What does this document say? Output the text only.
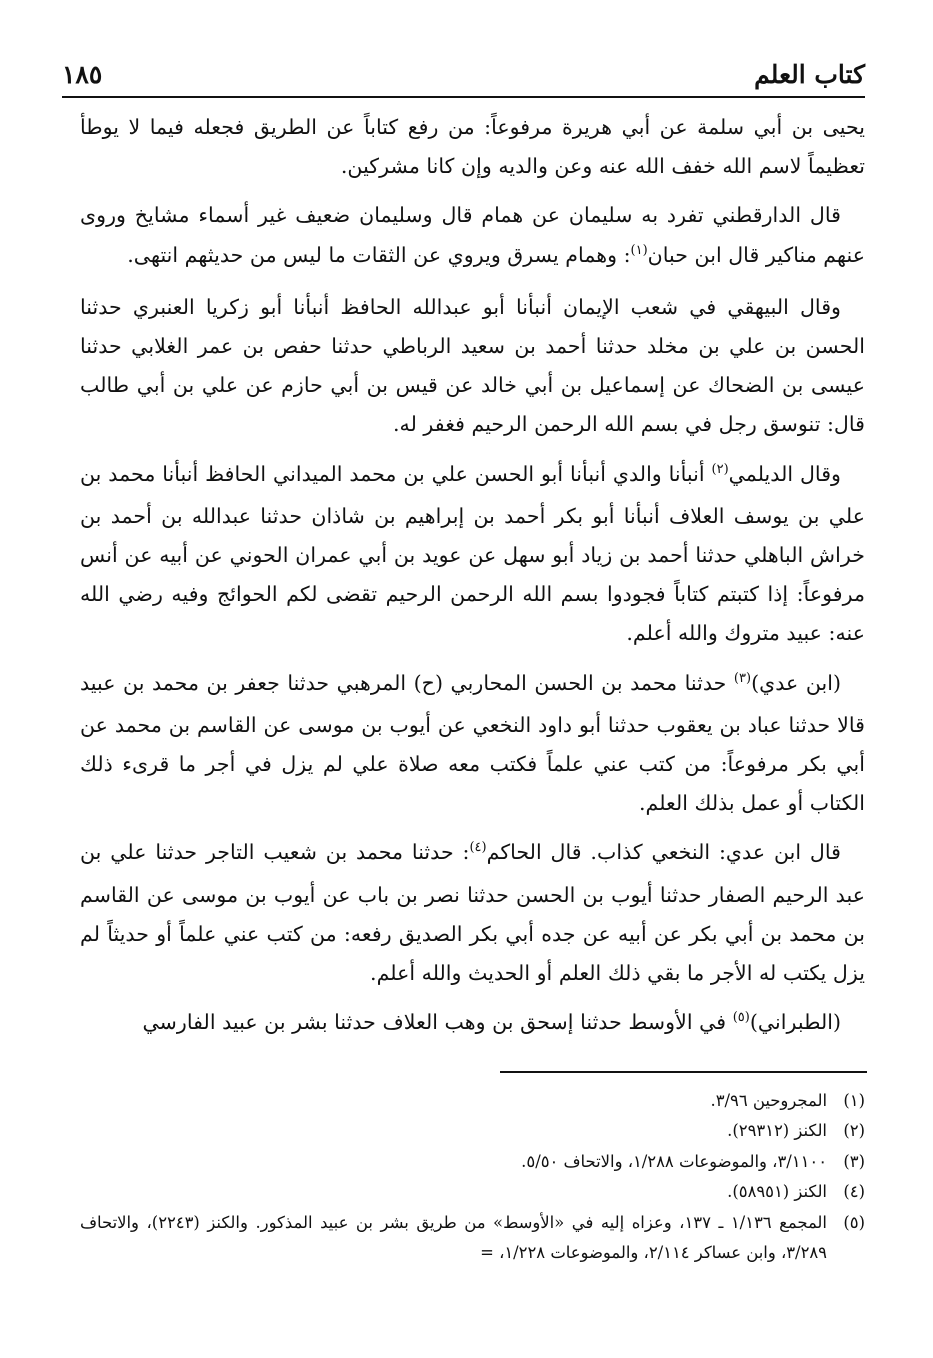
كتاب العلم
١٨٥

يحيى بن أبي سلمة عن أبي هريرة مرفوعاً: من رفع كتاباً عن الطريق فجعله فيما لا يوطأ تعظيماً لاسم الله خفف الله عنه وعن والديه وإن كانا مشركين.

قال الدارقطني تفرد به سليمان عن همام قال وسليمان ضعيف غير أسماء مشايخ وروى عنهم مناكير قال ابن حبان$^{(١)}$: وهمام يسرق ويروي عن الثقات ما ليس من حديثهم انتهى.

وقال البيهقي في شعب الإيمان أنبأنا أبو عبدالله الحافظ أنبأنا أبو زكريا العنبري حدثنا الحسن بن علي بن مخلد حدثنا أحمد بن سعيد الرباطي حدثنا حفص بن عمر الغلابي حدثنا عيسى بن الضحاك عن إسماعيل بن أبي خالد عن قيس بن أبي حازم عن علي بن أبي طالب قال: تنوسق رجل في بسم الله الرحمن الرحيم فغفر له.

وقال الديلمي$^{(٢)}$ أنبأنا والدي أنبأنا أبو الحسن علي بن محمد الميداني الحافظ أنبأنا محمد بن علي بن يوسف العلاف أنبأنا أبو بكر أحمد بن إبراهيم بن شاذان حدثنا عبدالله بن أحمد بن خراش الباهلي حدثنا أحمد بن زياد أبو سهل عن عويد بن أبي عمران الحوني عن أبيه عن أنس مرفوعاً: إذا كتبتم كتاباً فجودوا بسم الله الرحمن الرحيم تقضى لكم الحوائج وفيه رضي الله عنه: عبيد متروك والله أعلم.

(ابن عدي)$^{(٣)}$ حدثنا محمد بن الحسن المحاربي (ح) المرهبي حدثنا جعفر بن محمد بن عبيد قالا حدثنا عباد بن يعقوب حدثنا أبو داود النخعي عن أيوب بن موسى عن القاسم بن محمد عن أبي بكر مرفوعاً: من كتب عني علماً فكتب معه صلاة علي لم يزل في أجر ما قرىء ذلك الكتاب أو عمل بذلك العلم.

قال ابن عدي: النخعي كذاب. قال الحاكم$^{(٤)}$: حدثنا محمد بن شعيب التاجر حدثنا علي بن عبد الرحيم الصفار حدثنا أيوب بن الحسن حدثنا نصر بن باب عن أيوب بن موسى عن القاسم بن محمد بن أبي بكر عن أبيه عن جده أبي بكر الصديق رفعه: من كتب عني علماً أو حديثاً لم يزل يكتب له الأجر ما بقي ذلك العلم أو الحديث والله أعلم.

(الطبراني)$^{(٥)}$ في الأوسط حدثنا إسحق بن وهب العلاف حدثنا بشر بن عبيد الفارسي

(١)
المجروحين ٣/٩٦.
(٢)
الكنز (٢٩٣١٢).
(٣)
٣/١١٠٠، والموضوعات ١/٢٨٨، والاتحاف ٥/٥٠.
(٤)
الكنز (٥٨٩٥١).
(٥)
المجمع ١/١٣٦ ـ ١٣٧، وعزاه إليه في «الأوسط» من طريق بشر بن عبيد المذكور. والكنز (٢٢٤٣)، والاتحاف ٣/٢٨٩، وابن عساكر ٢/١١٤، والموضوعات ١/٢٢٨، =
